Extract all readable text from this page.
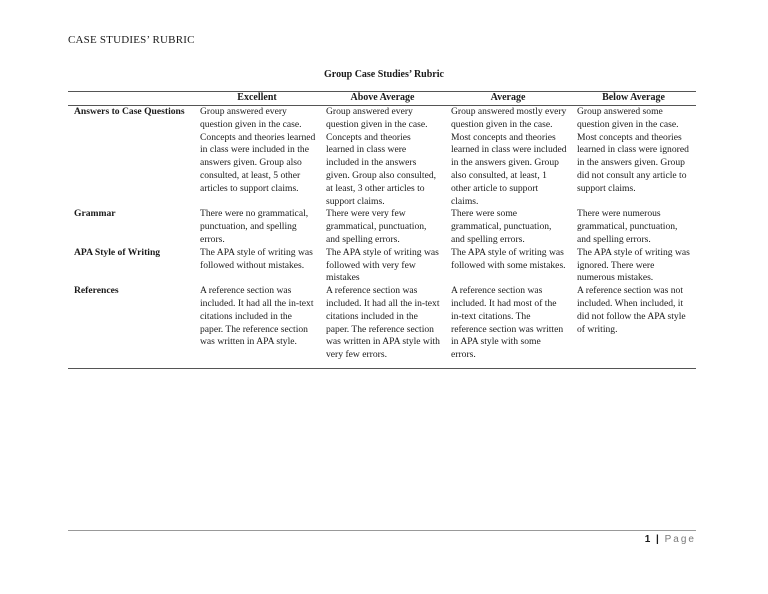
CASE STUDIES’ RUBRIC
Group Case Studies’ Rubric
	Excellent	Above Average	Average	Below Average
Answers to Case Questions	Group answered every question given in the case. Concepts and theories learned in class were included in the answers given. Group also consulted, at least, 5 other articles to support claims.	Group answered every question given in the case. Concepts and theories learned in class were included in the answers given. Group also consulted, at least, 3 other articles to support claims.	Group answered mostly every question given in the case. Most concepts and theories learned in class were included in the answers given. Group also consulted, at least, 1 other article to support claims.	Group answered some question given in the case. Most concepts and theories learned in class were ignored in the answers given. Group did not consult any article to support claims.
Grammar	There were no grammatical, punctuation, and spelling errors.	There were very few grammatical, punctuation, and spelling errors.	There were some grammatical, punctuation, and spelling errors.	There were numerous grammatical, punctuation, and spelling errors.
APA Style of Writing	The APA style of writing was followed without mistakes.	The APA style of writing was followed with very few mistakes	The APA style of writing was followed with some mistakes.	The APA style of writing was ignored. There were numerous mistakes.
References	A reference section was included. It had all the in-text citations included in the paper. The reference section was written in APA style.	A reference section was included. It had all the in-text citations included in the paper. The reference section was written in APA style with very few errors.	A reference section was included. It had most of the in-text citations. The reference section was written in APA style with some errors.	A reference section was not included. When included, it did not follow the APA style of writing.
1 | Page
